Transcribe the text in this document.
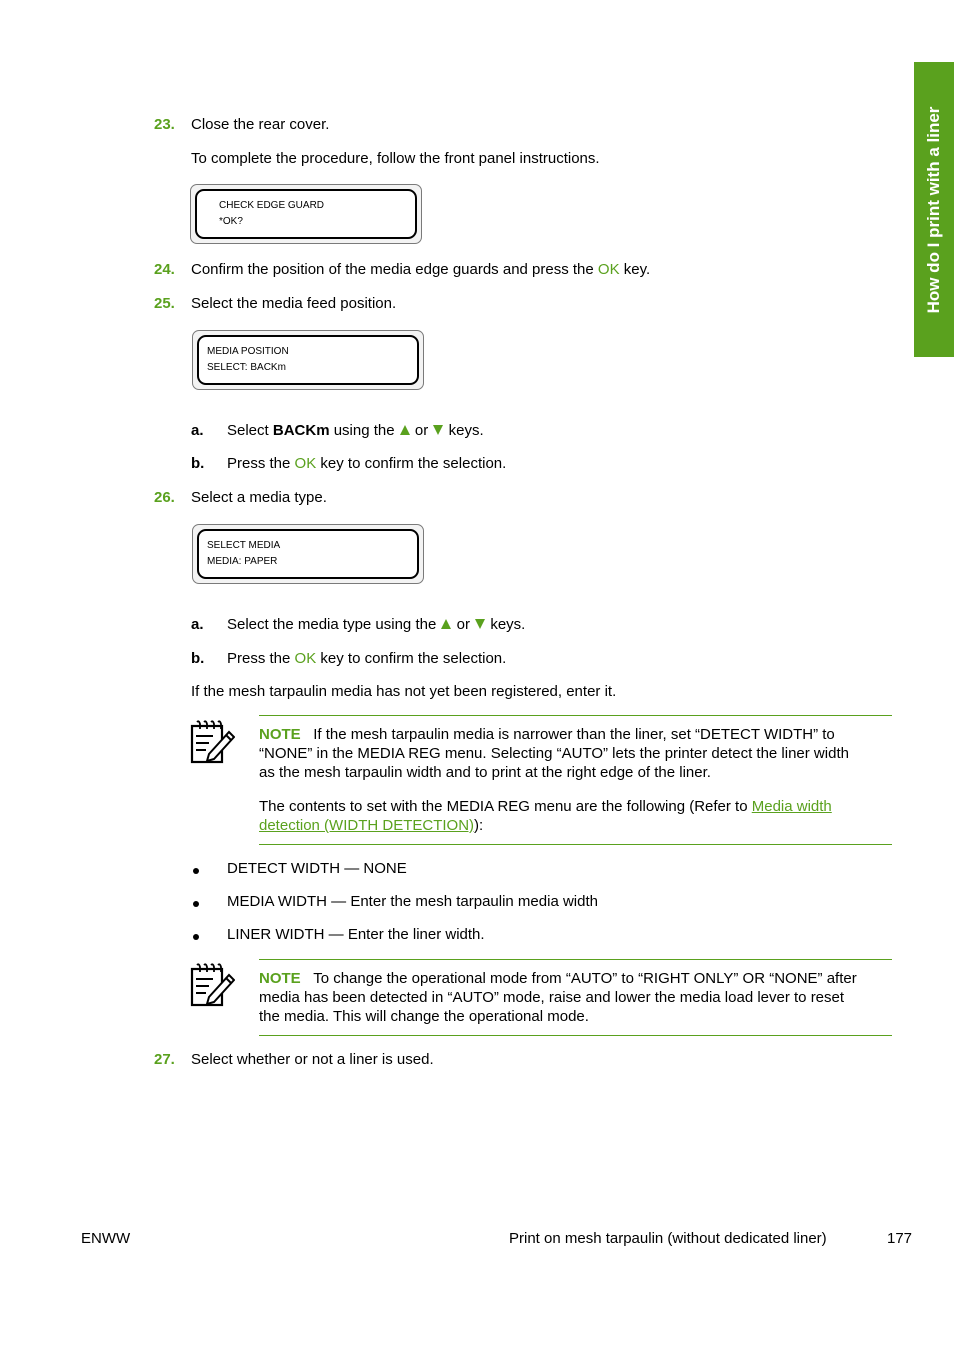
How do I print with a liner
23. Close the rear cover.
To complete the procedure, follow the front panel instructions.
CHECK EDGE GUARD
*OK?
24. Confirm the position of the media edge guards and press the OK key.
25. Select the media feed position.
MEDIA POSITION
SELECT: BACKm
a. Select BACKm using the  or  keys.
b. Press the OK key to confirm the selection.
26. Select a media type.
SELECT MEDIA
MEDIA: PAPER
a. Select the media type using the  or  keys.
b. Press the OK key to confirm the selection.
If the mesh tarpaulin media has not yet been registered, enter it.
NOTE If the mesh tarpaulin media is narrower than the liner, set “DETECT WIDTH” to
“NONE” in the MEDIA REG menu. Selecting “AUTO” lets the printer detect the liner width
as the mesh tarpaulin width and to print at the right edge of the liner.
The contents to set with the MEDIA REG menu are the following (Refer to Media width
detection (WIDTH DETECTION)):
DETECT WIDTH — NONE
MEDIA WIDTH — Enter the mesh tarpaulin media width
LINER WIDTH — Enter the liner width.
NOTE To change the operational mode from “AUTO” to “RIGHT ONLY” OR “NONE” after
media has been detected in “AUTO” mode, raise and lower the media load lever to reset
the media. This will change the operational mode.
27. Select whether or not a liner is used.
ENWW	Print on mesh tarpaulin (without dedicated liner)	177
